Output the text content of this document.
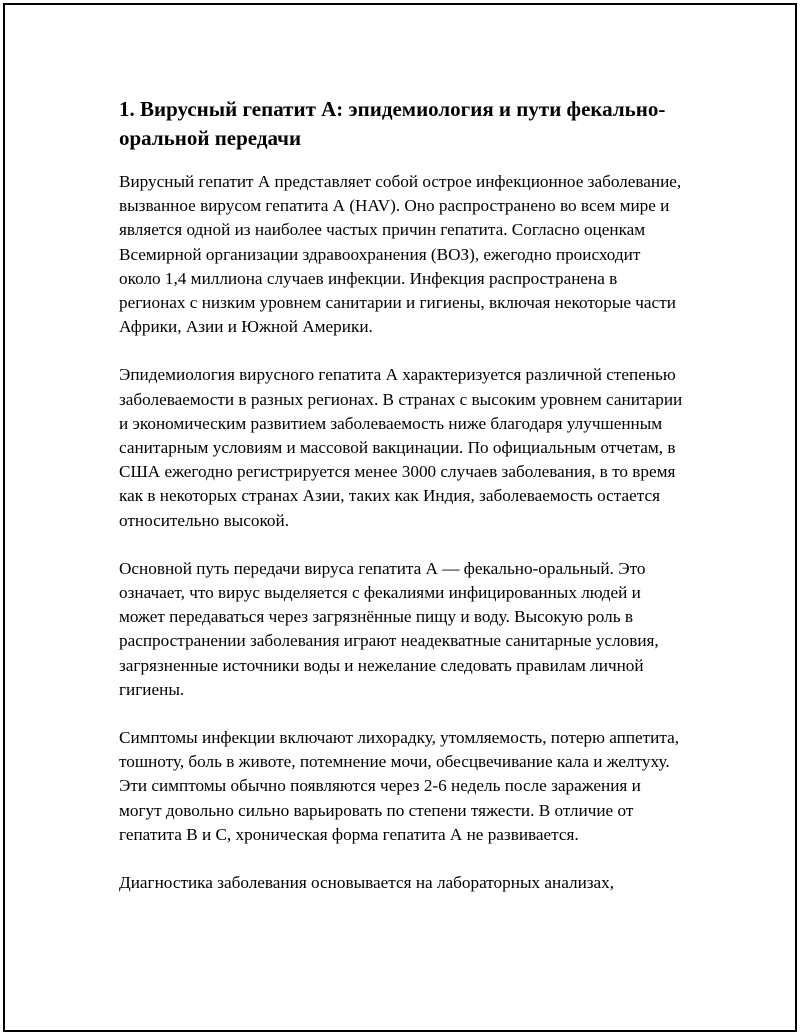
1. Вирусный гепатит А: эпидемиология и пути фекально-оральной передачи

Вирусный гепатит А представляет собой острое инфекционное заболевание, вызванное вирусом гепатита А (HAV). Оно распространено во всем мире и является одной из наиболее частых причин гепатита. Согласно оценкам Всемирной организации здравоохранения (ВОЗ), ежегодно происходит около 1,4 миллиона случаев инфекции. Инфекция распространена в регионах с низким уровнем санитарии и гигиены, включая некоторые части Африки, Азии и Южной Америки.

Эпидемиология вирусного гепатита А характеризуется различной степенью заболеваемости в разных регионах. В странах с высоким уровнем санитарии и экономическим развитием заболеваемость ниже благодаря улучшенным санитарным условиям и массовой вакцинации. По официальным отчетам, в США ежегодно регистрируется менее 3000 случаев заболевания, в то время как в некоторых странах Азии, таких как Индия, заболеваемость остается относительно высокой.

Основной путь передачи вируса гепатита А — фекально-оральный. Это означает, что вирус выделяется с фекалиями инфицированных людей и может передаваться через загрязнённые пищу и воду. Высокую роль в распространении заболевания играют неадекватные санитарные условия, загрязненные источники воды и нежелание следовать правилам личной гигиены.

Симптомы инфекции включают лихорадку, утомляемость, потерю аппетита, тошноту, боль в животе, потемнение мочи, обесцвечивание кала и желтуху. Эти симптомы обычно появляются через 2-6 недель после заражения и могут довольно сильно варьировать по степени тяжести. В отличие от гепатита В и С, хроническая форма гепатита А не развивается.

Диагностика заболевания основывается на лабораторных анализах,
